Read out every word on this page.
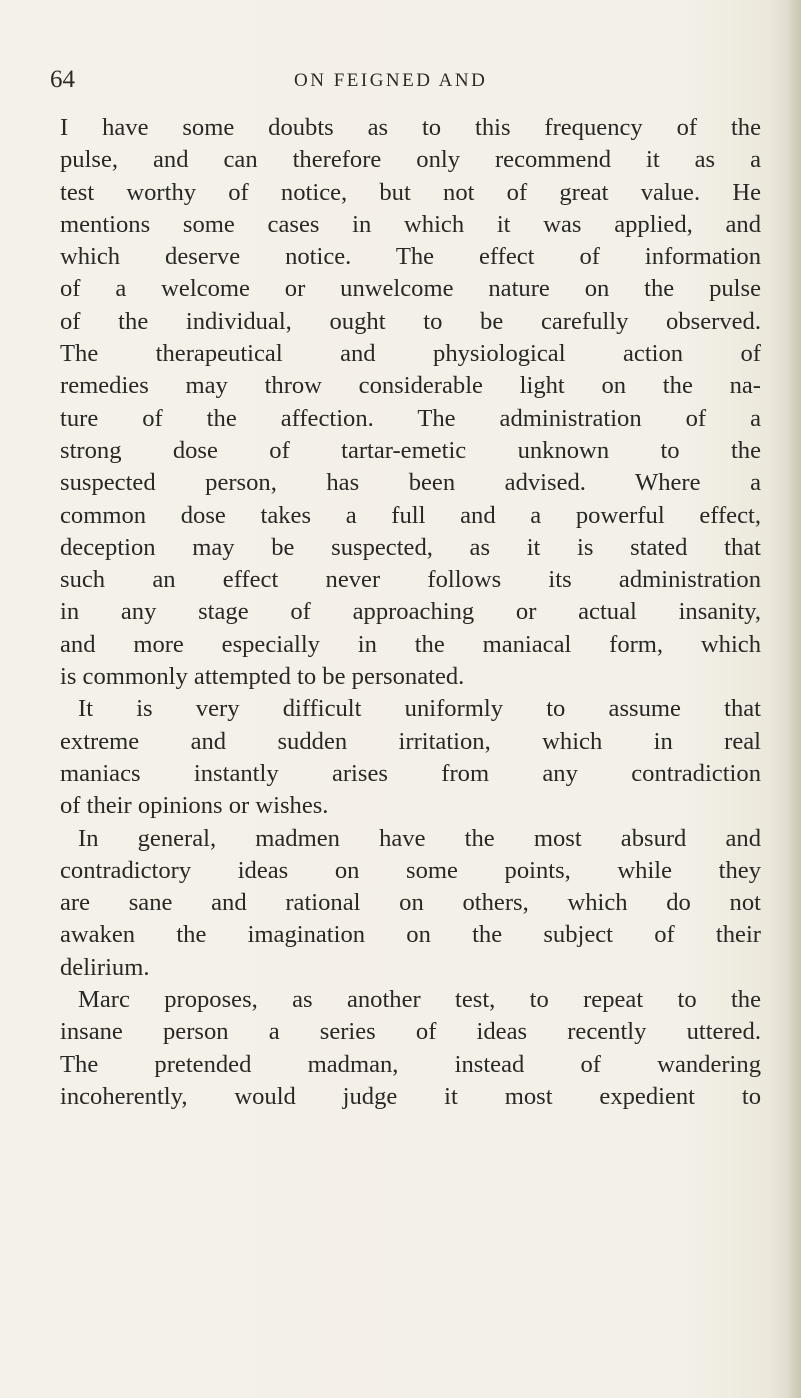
64	ON FEIGNED AND
I have some doubts as to this frequency of the
pulse, and can therefore only recommend it as a
test worthy of notice, but not of great value. He
mentions some cases in which it was applied, and
which deserve notice. The effect of information
of a welcome or unwelcome nature on the pulse
of the individual, ought to be carefully observed.
The therapeutical and physiological action of
remedies may throw considerable light on the na-
ture of the affection. The administration of a
strong dose of tartar-emetic unknown to the
suspected person, has been advised. Where a
common dose takes a full and a powerful effect,
deception may be suspected, as it is stated that
such an effect never follows its administration
in any stage of approaching or actual insanity,
and more especially in the maniacal form, which
is commonly attempted to be personated.
It is very difficult uniformly to assume that
extreme and sudden irritation, which in real
maniacs instantly arises from any contradiction
of their opinions or wishes.
In general, madmen have the most absurd and
contradictory ideas on some points, while they
are sane and rational on others, which do not
awaken the imagination on the subject of their
delirium.
Marc proposes, as another test, to repeat to the
insane person a series of ideas recently uttered.
The pretended madman, instead of wandering
incoherently, would judge it most expedient to
